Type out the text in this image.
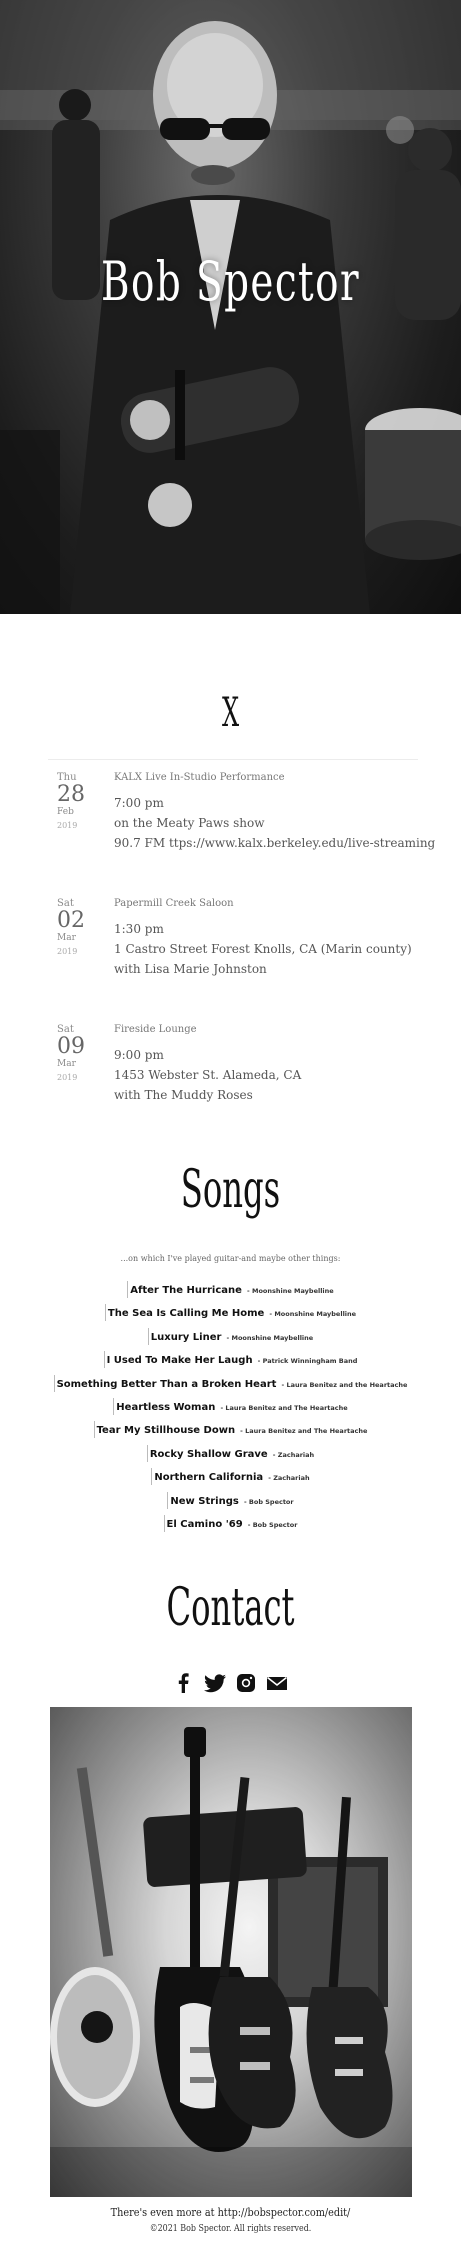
Bob Spector
X
Thu
28
Feb
2019
KALX Live In-Studio Performance
7:00 pm
on the Meaty Paws show
90.7 FM ttps://www.kalx.berkeley.edu/live-streaming
Sat
02
Mar
2019
Papermill Creek Saloon
1:30 pm
1 Castro Street Forest Knolls, CA (Marin county)
with Lisa Marie Johnston
Sat
09
Mar
2019
Fireside Lounge
9:00 pm
1453 Webster St. Alameda, CA
with The Muddy Roses
Songs
...on which I've played guitar-and maybe other things:
After The Hurricane - Moonshine Maybelline
The Sea Is Calling Me Home - Moonshine Maybelline
Luxury Liner - Moonshine Maybelline
I Used To Make Her Laugh - Patrick Winningham Band
Something Better Than a Broken Heart - Laura Benitez and the Heartache
Heartless Woman - Laura Benitez and The Heartache
Tear My Stillhouse Down - Laura Benitez and The Heartache
Rocky Shallow Grave - Zachariah
Northern California - Zachariah
New Strings - Bob Spector
El Camino '69 - Bob Spector
Contact

There's even more at http://bobspector.com/edit/
©2021 Bob Spector. All rights reserved.
